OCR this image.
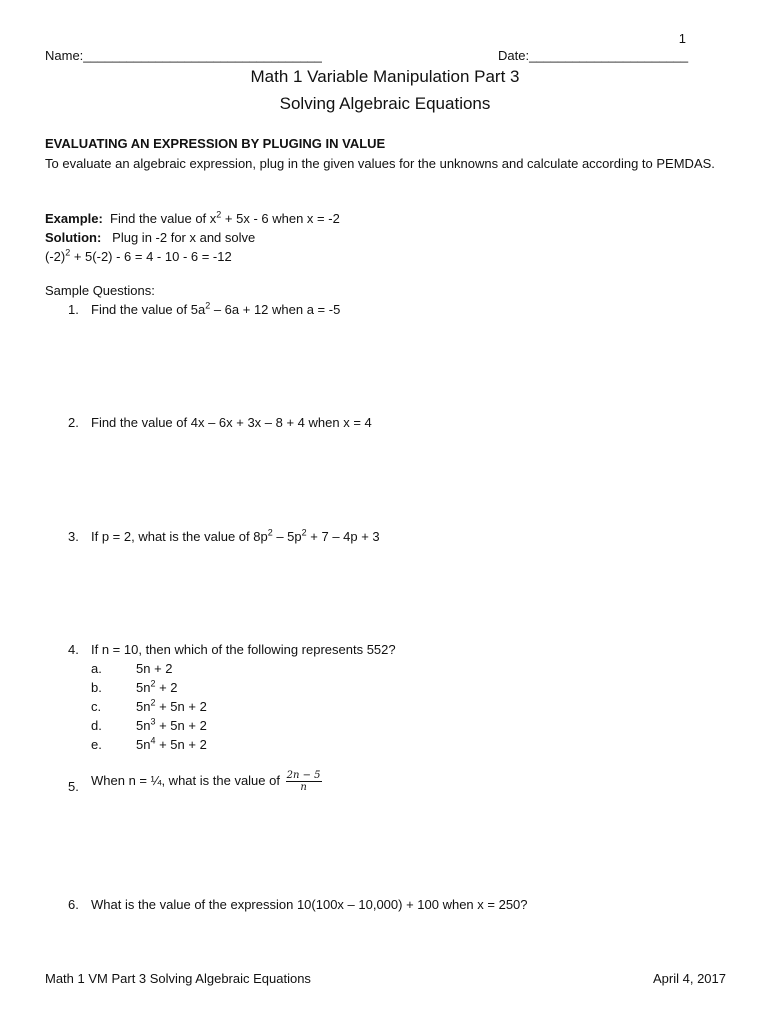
1
Name:_________________________________	Date:______________________
Math 1 Variable Manipulation Part 3
Solving Algebraic Equations
EVALUATING AN EXPRESSION BY PLUGING IN VALUE
To evaluate an algebraic expression, plug in the given values for the unknowns and calculate according to PEMDAS.
Example: Find the value of $x^2 + 5x - 6$ when x = -2
Solution: Plug in -2 for x and solve
$(-2)^2 + 5(-2) - 6 = 4 - 10 - 6 = -12$
Sample Questions:
1. Find the value of $5a^2 - 6a + 12$ when a = -5
2. Find the value of 4x – 6x + 3x – 8 + 4 when x = 4
3. If p = 2, what is the value of $8p^2 - 5p^2 + 7 - 4p + 3$
4. If n = 10, then which of the following represents 552?
a.	5n + 2
b.	$5n^2 + 2$
c.	$5n^2 + 5n + 2$
d.	$5n^3 + 5n + 2$
e.	$5n^4 + 5n + 2$
5. When n = ¼, what is the value of $\frac{2n - 5}{n}$
6. What is the value of the expression 10(100x – 10,000) + 100 when x = 250?
Math 1 VM Part 3 Solving Algebraic Equations	April 4, 2017
